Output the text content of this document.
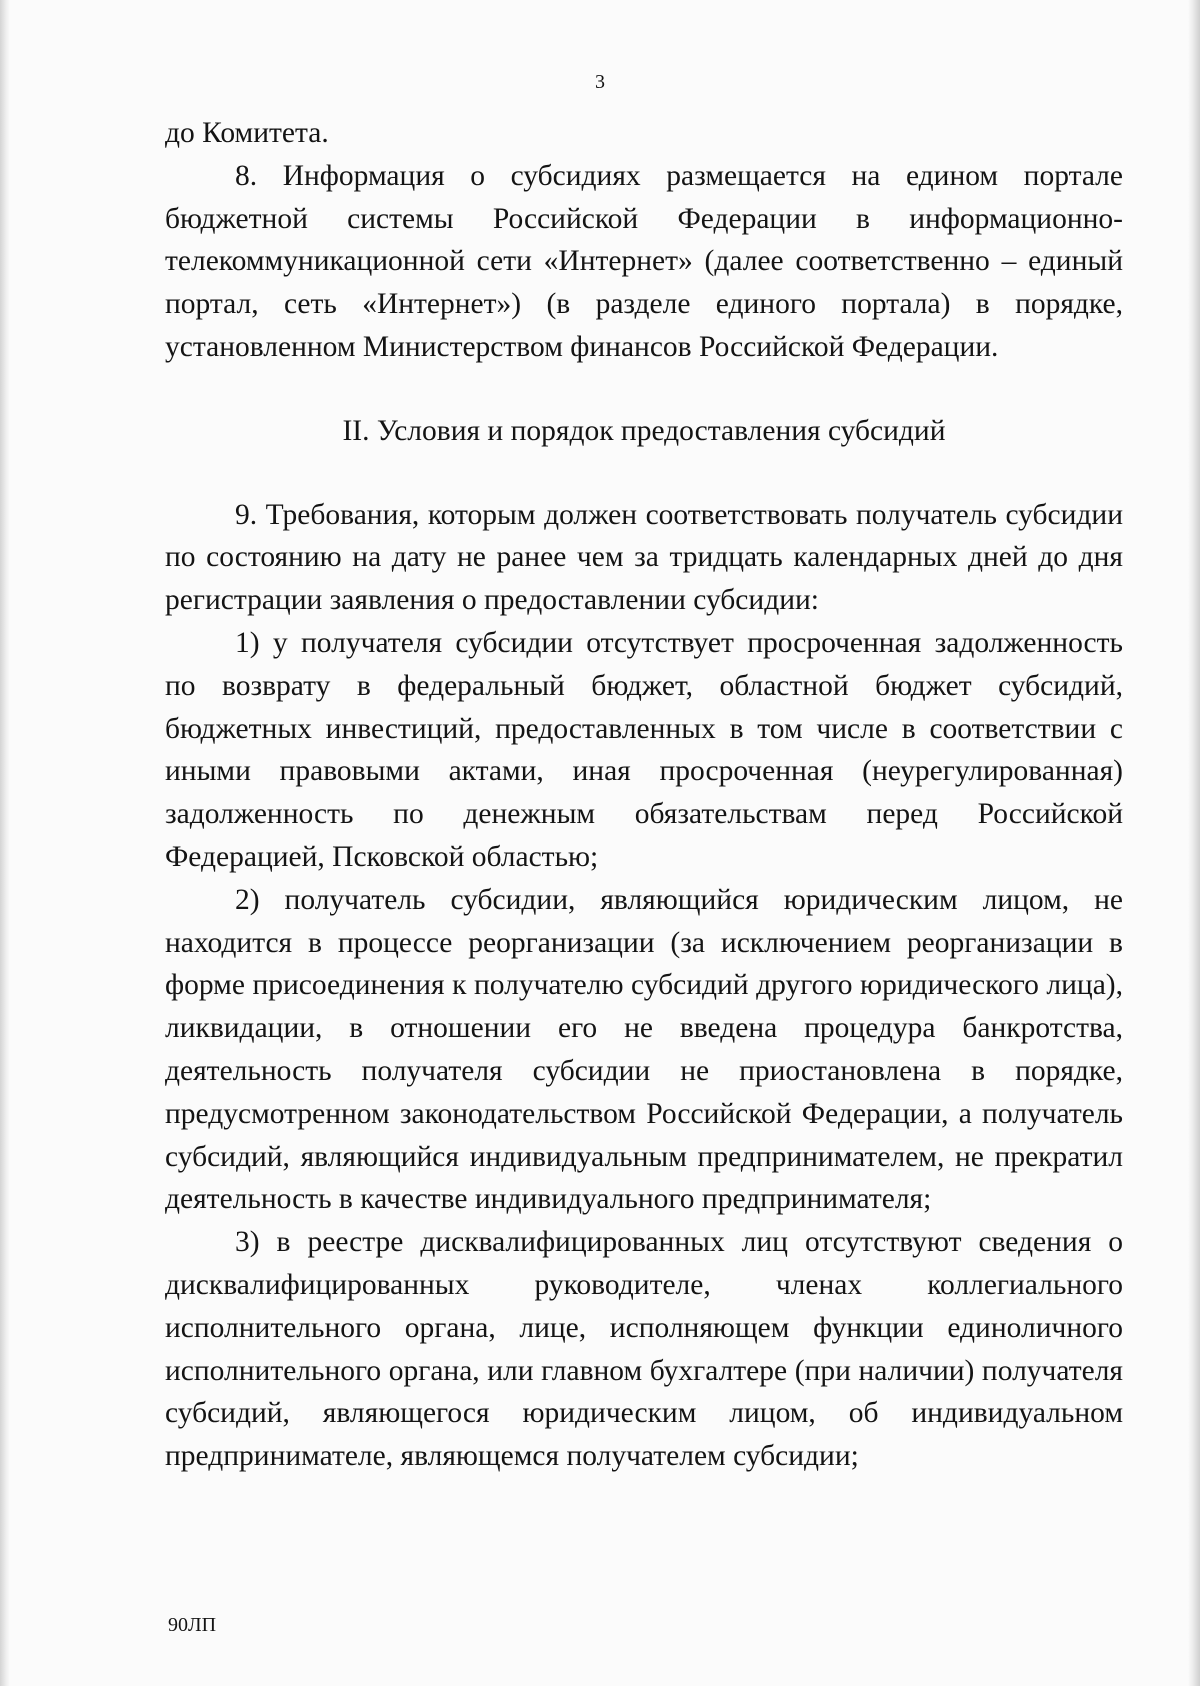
3

до Комитета.

8. Информация о субсидиях размещается на едином портале бюджетной системы Российской Федерации в информационно-телекоммуникационной сети «Интернет» (далее соответственно – единый портал, сеть «Интернет») (в разделе единого портала) в порядке, установленном Министерством финансов Российской Федерации.

II. Условия и порядок предоставления субсидий

9. Требования, которым должен соответствовать получатель субсидии по состоянию на дату не ранее чем за тридцать календарных дней до дня регистрации заявления о предоставлении субсидии:

1) у получателя субсидии отсутствует просроченная задолженность по возврату в федеральный бюджет, областной бюджет субсидий, бюджетных инвестиций, предоставленных в том числе в соответствии с иными правовыми актами, иная просроченная (неурегулированная) задолженность по денежным обязательствам перед Российской Федерацией, Псковской областью;

2) получатель субсидии, являющийся юридическим лицом, не находится в процессе реорганизации (за исключением реорганизации в форме присоединения к получателю субсидий другого юридического лица), ликвидации, в отношении его не введена процедура банкротства, деятельность получателя субсидии не приостановлена в порядке, предусмотренном законодательством Российской Федерации, а получатель субсидий, являющийся индивидуальным предпринимателем, не прекратил деятельность в качестве индивидуального предпринимателя;

3) в реестре дисквалифицированных лиц отсутствуют сведения о дисквалифицированных руководителе, членах коллегиального исполнительного органа, лице, исполняющем функции единоличного исполнительного органа, или главном бухгалтере (при наличии) получателя субсидий, являющегося юридическим лицом, об индивидуальном предпринимателе, являющемся получателем субсидии;

90ЛП
